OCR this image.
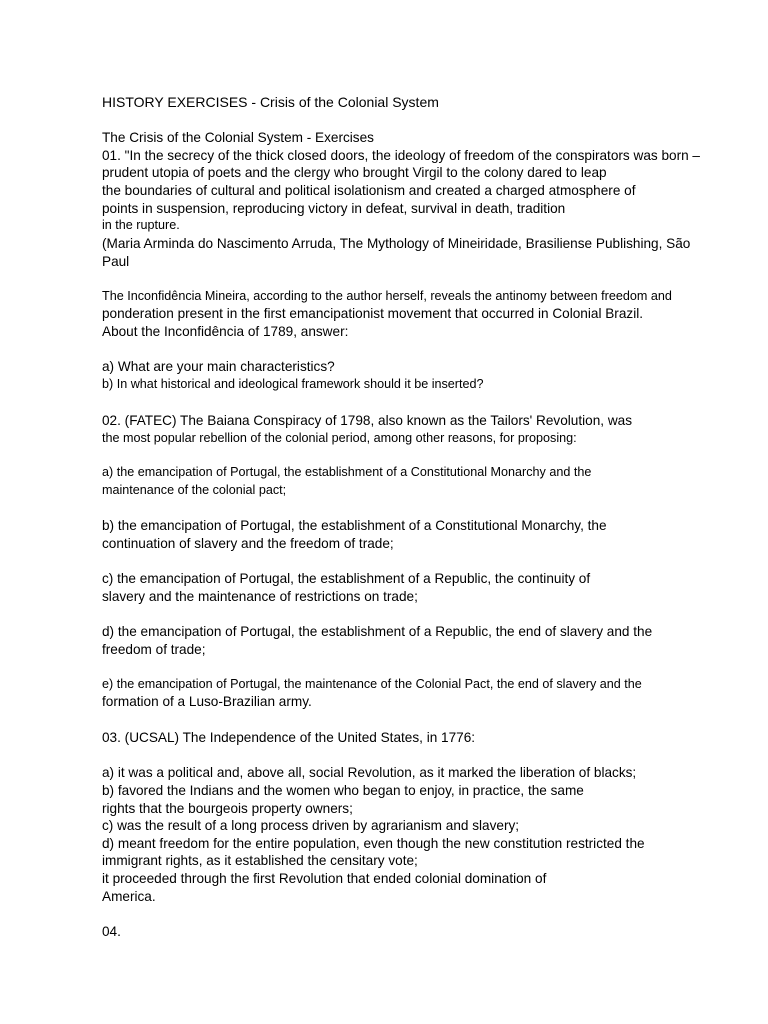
HISTORY EXERCISES - Crisis of the Colonial System
The Crisis of the Colonial System - Exercises
01. "In the secrecy of the thick closed doors, the ideology of freedom of the conspirators was born –
prudent utopia of poets and the clergy who brought Virgil to the colony dared to leap
the boundaries of cultural and political isolationism and created a charged atmosphere of
points in suspension, reproducing victory in defeat, survival in death, tradition
in the rupture.
(Maria Arminda do Nascimento Arruda, The Mythology of Mineiridade, Brasiliense Publishing, São
Paul
The Inconfidência Mineira, according to the author herself, reveals the antinomy between freedom and
ponderation present in the first emancipationist movement that occurred in Colonial Brazil.
About the Inconfidência of 1789, answer:
a) What are your main characteristics?
b) In what historical and ideological framework should it be inserted?
02. (FATEC) The Baiana Conspiracy of 1798, also known as the Tailors' Revolution, was
the most popular rebellion of the colonial period, among other reasons, for proposing:
a) the emancipation of Portugal, the establishment of a Constitutional Monarchy and the
maintenance of the colonial pact;
b) the emancipation of Portugal, the establishment of a Constitutional Monarchy, the
continuation of slavery and the freedom of trade;
c) the emancipation of Portugal, the establishment of a Republic, the continuity of
slavery and the maintenance of restrictions on trade;
d) the emancipation of Portugal, the establishment of a Republic, the end of slavery and the
freedom of trade;
e) the emancipation of Portugal, the maintenance of the Colonial Pact, the end of slavery and the
formation of a Luso-Brazilian army.
03. (UCSAL) The Independence of the United States, in 1776:
a) it was a political and, above all, social Revolution, as it marked the liberation of blacks;
b) favored the Indians and the women who began to enjoy, in practice, the same
rights that the bourgeois property owners;
c) was the result of a long process driven by agrarianism and slavery;
d) meant freedom for the entire population, even though the new constitution restricted the
immigrant rights, as it established the censitary vote;
it proceeded through the first Revolution that ended colonial domination of
America.
04.
